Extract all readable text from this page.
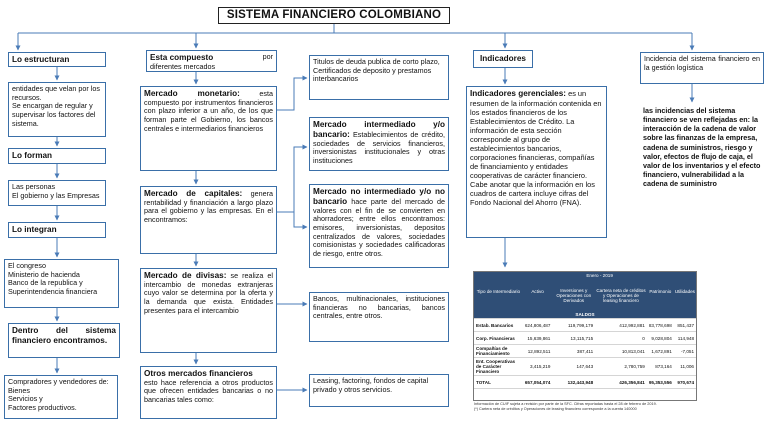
SISTEMA FINANCIERO COLOMBIANO
Lo estructuran
entidades que velan por los recursos.
Se encargan de regular y supervisar los factores del sistema.
Lo forman
Las personas
El gobierno y las Empresas
Lo integran
El congreso
Ministerio de hacienda
Banco de la republica y
Superintendencia financiera
Dentro del sistema financiero encontramos.
Compradores y vendedores de:
Bienes
Servicios y
Factores productivos.
Esta compuesto	por
diferentes mercados
Mercado monetario:	esta compuesto por instrumentos financieros con plazo inferior a un año, de los que forman parte el Gobierno, los bancos centrales e intermediarios financieros
Mercado de capitales: genera rentabilidad y financiación a largo plazo para el gobierno y las empresas. En el encontramos:
Mercado de divisas: se realiza el intercambio de monedas extranjeras cuyo valor se determina por la oferta y la demanda que exista. Entidades presentes para el intercambio
Otros mercados financieros
esto hace referencia a otros productos que ofrecen entidades bancarias o no bancarias tales como:
Titulos de deuda publica de corto plazo,
Certificados de deposito y prestamos interbancarios
Mercado intermediado y/o bancario: Establecimientos de crédito, sociedades de servicios financieros, inversionistas institucionales y otras instituciones
Mercado no intermediado y/o no bancario hace parte del mercado de valores con el fin de se convierten en ahorradores; entre ellos encontramos: emisores, inversionistas, depositos centralizados de valores, sociedades comisionistas y sociedades calificadoras de riesgo, entre otros.
Bancos, multinacionales, instituciones financieras no bancarias, bancos centrales, entre otros.
Leasing, factoring, fondos de capital privado y otros servicios.
Indicadores
Indicadores gerenciales: es un resumen de la información contenida en los estados financieros de los Establecimientos de Crédito. La información de esta sección corresponde al grupo de establecimientos bancarios, corporaciones financieras, compañías de financiamiento y entidades cooperativas de carácter financiero. Cabe anotar que la información en los cuadros de cartera incluye cifras del Fondo Nacional del Ahorro (FNA).
Tipo de Intermediario	Activo	Enero - 2019		Patrimonio	Utilidades
		Inversiones y Operaciones con Derivados	Cartera neta de créditos y Operaciones de leasing financiero		
SALDOS					
Estab. Bancarios	624,806,487	119,799,179	412,992,881	83,778,698	851,437
Corp. Financieras	15,639,861	13,115,715	0	9,028,804	114,948
Compañías de Financiamiento	12,892,511	387,411	10,813,041	1,672,891	-7,051
Ent. Cooperativas de Carácter Financiero	3,415,219	147,643	2,780,759	873,164	11,006
TOTAL	657,054,074	132,443,948	426,356,841	95,353,556	970,674
Información de CUIF sujeta a revisión por parte de la SFC. Cifras reportadas hasta el 28 de febrero de 2019.
(*) Cartera neta de créditos y Operaciones de leasing financiero corresponde a la cuenta 140000
Incidencia del sistema financiero en la gestión logística
las incidencias del sistema financiero se ven reflejadas en: la interacción de la cadena de valor sobre las finanzas de la empresa, cadena de suministros, riesgo y valor, efectos de flujo de caja, el valor de los inventarios y el efecto financiero, vulnerabilidad a la cadena de suministro
